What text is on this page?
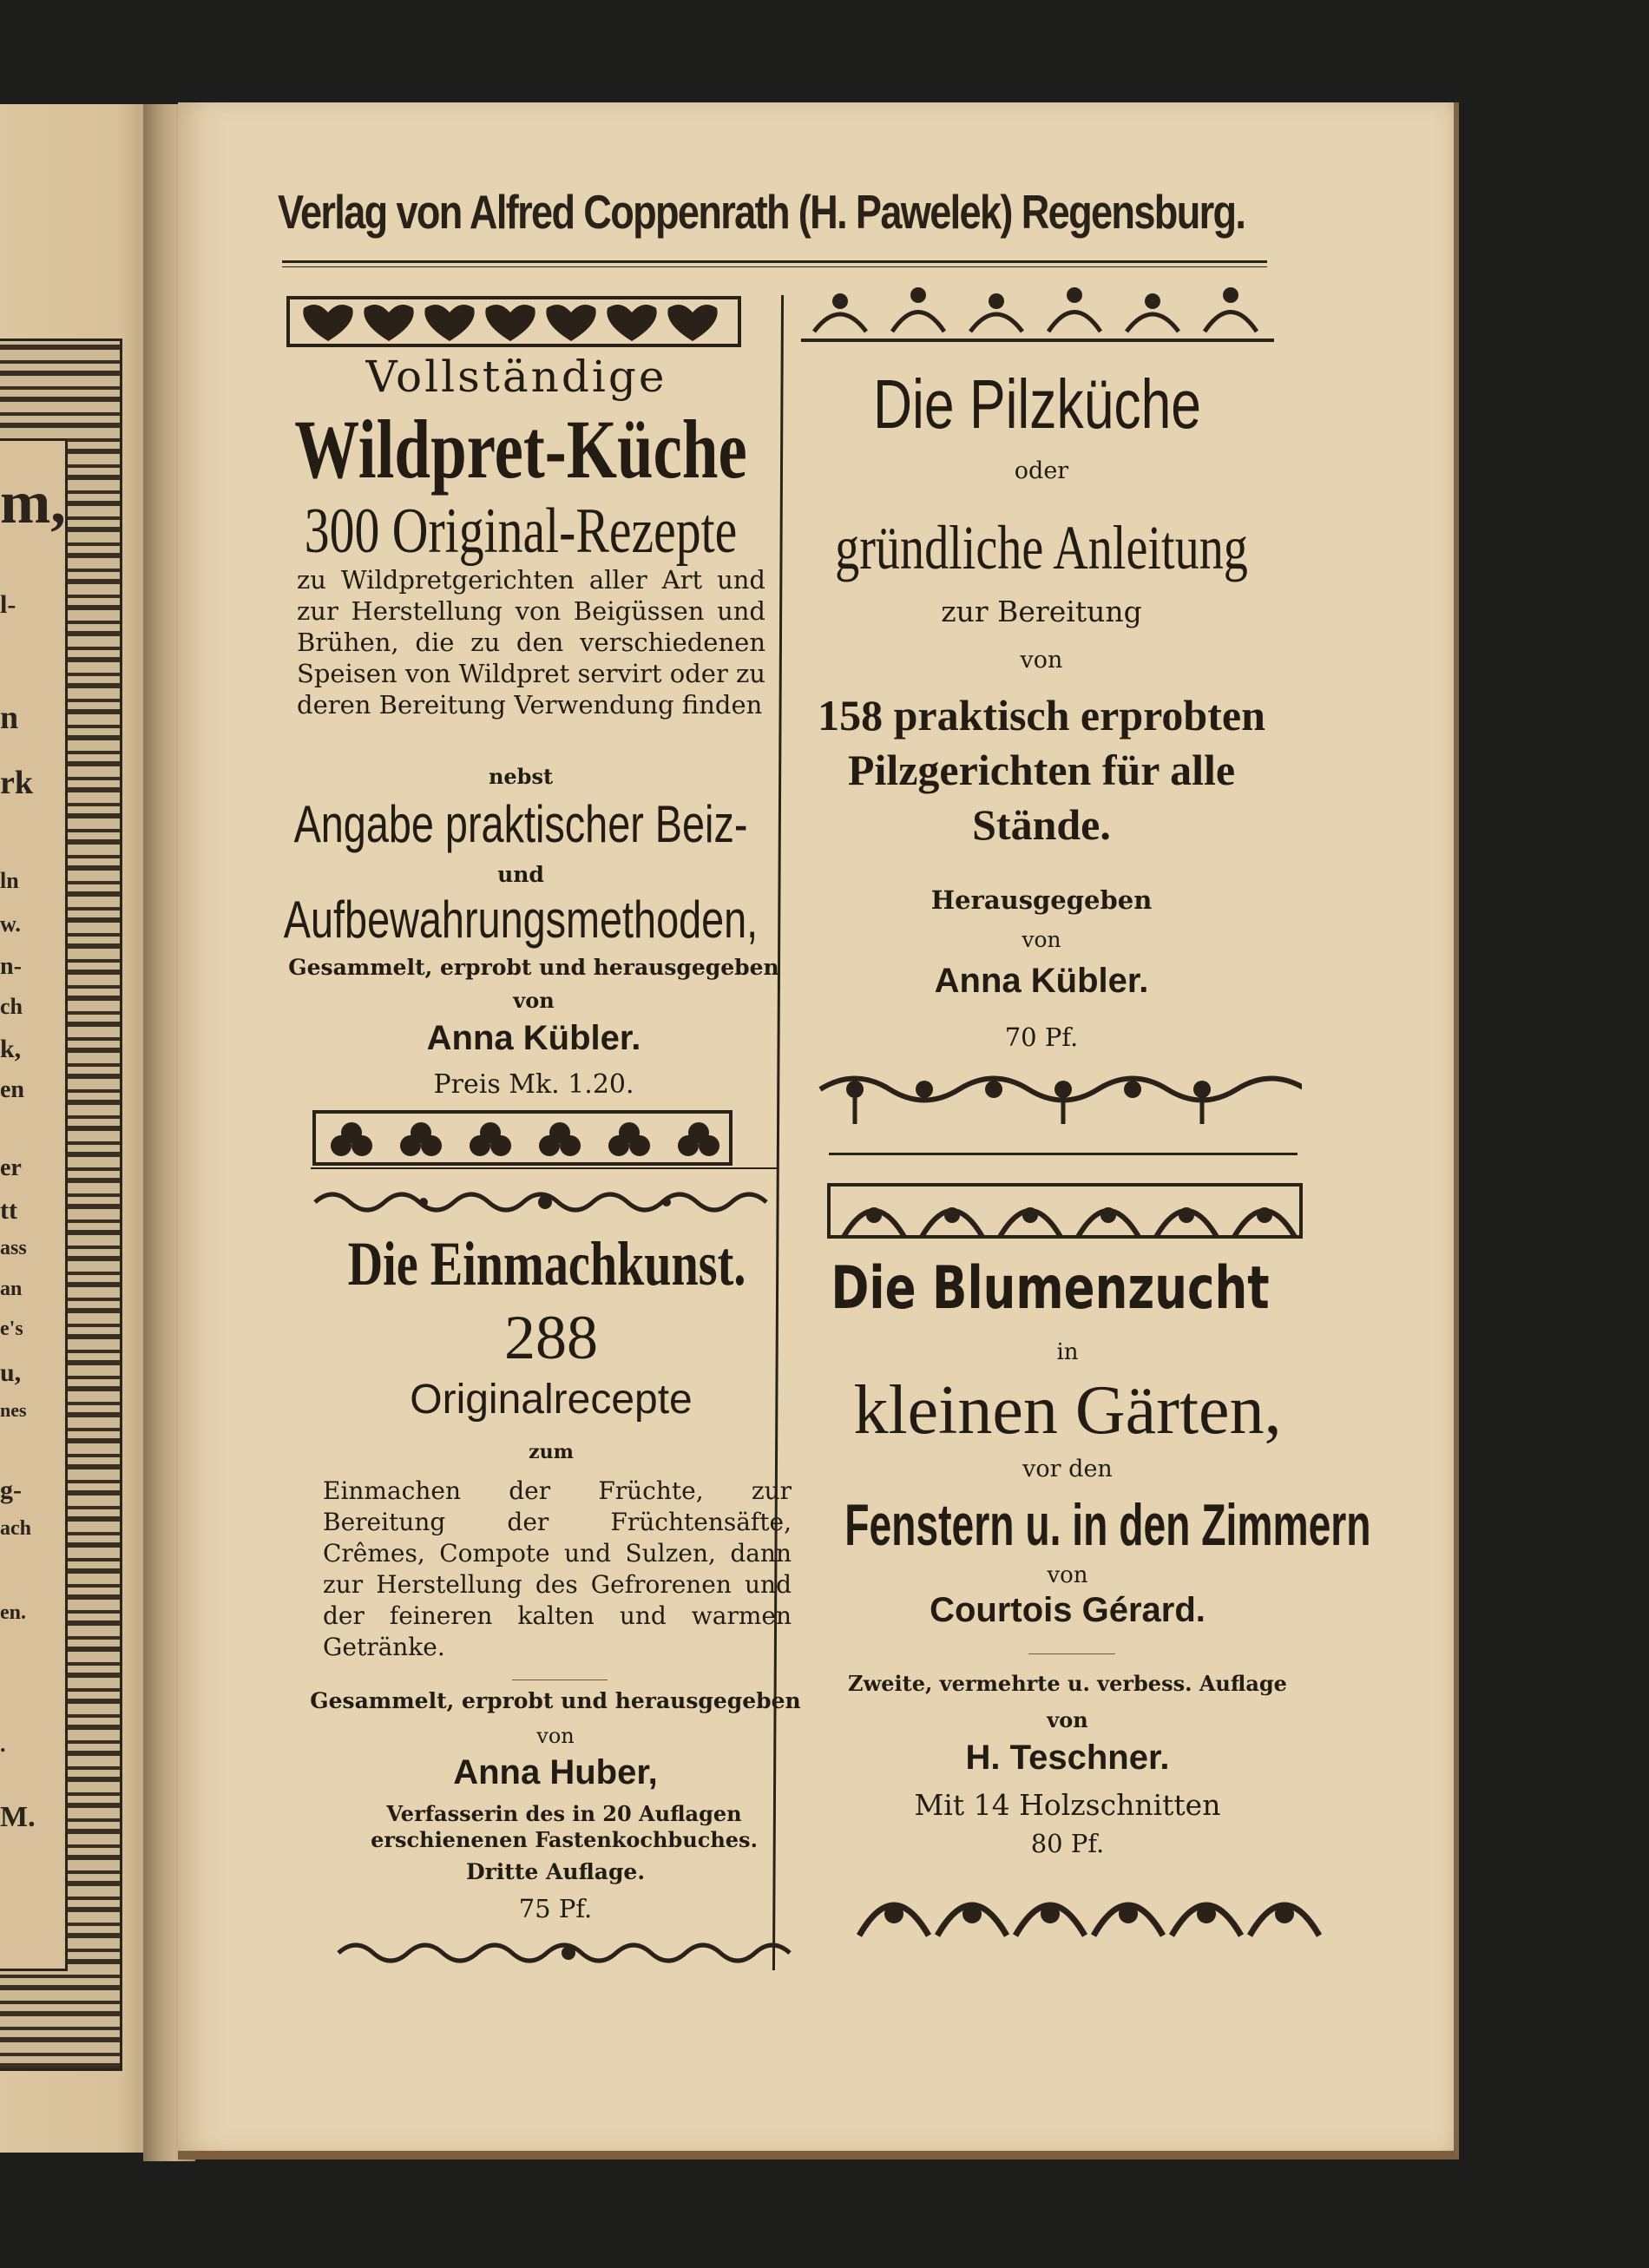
m,
l-
n
rk
ln
w.
n-
ch
k,
en
er
tt
ass
an
e's
u,
nes
g-
ach
en.
.
M.
Verlag von Alfred Coppenrath (H. Pawelek) Regensburg.
Vollständige
Wildpret-Küche
300 Original-Rezepte
zu Wildpretgerichten aller Art und zur Herstellung von Beigüssen und Brühen, die zu den verschiedenen Speisen von Wildpret servirt oder zu deren Bereitung Verwendung finden
nebst
Angabe praktischer Beiz-
und
Aufbewahrungsmethoden,
Gesammelt, erprobt und herausgegeben
von
Anna Kübler.
Preis Mk. 1.20.
Die Einmachkunst.
288
Originalrecepte
zum
Einmachen der Früchte, zur Bereitung der Früchtensäfte, Crêmes, Compote und Sulzen, dann zur Herstellung des Gefrorenen und der feineren kalten und warmen Getränke.
Gesammelt, erprobt und herausgegeben
von
Anna Huber,
Verfasserin des in 20 Auflagen erschienenen Fastenkochbuches.
Dritte Auflage.
75 Pf.
Die Pilzküche
oder
gründliche Anleitung
zur Bereitung
von
158 praktisch erprobten
Pilzgerichten für alle
Stände.
Herausgegeben
von
Anna Kübler.
70 Pf.
Die Blumenzucht
in
kleinen Gärten,
vor den
Fenstern u. in den Zimmern
von
Courtois Gérard.
Zweite, vermehrte u. verbess. Auflage
von
H. Teschner.
Mit 14 Holzschnitten
80 Pf.
